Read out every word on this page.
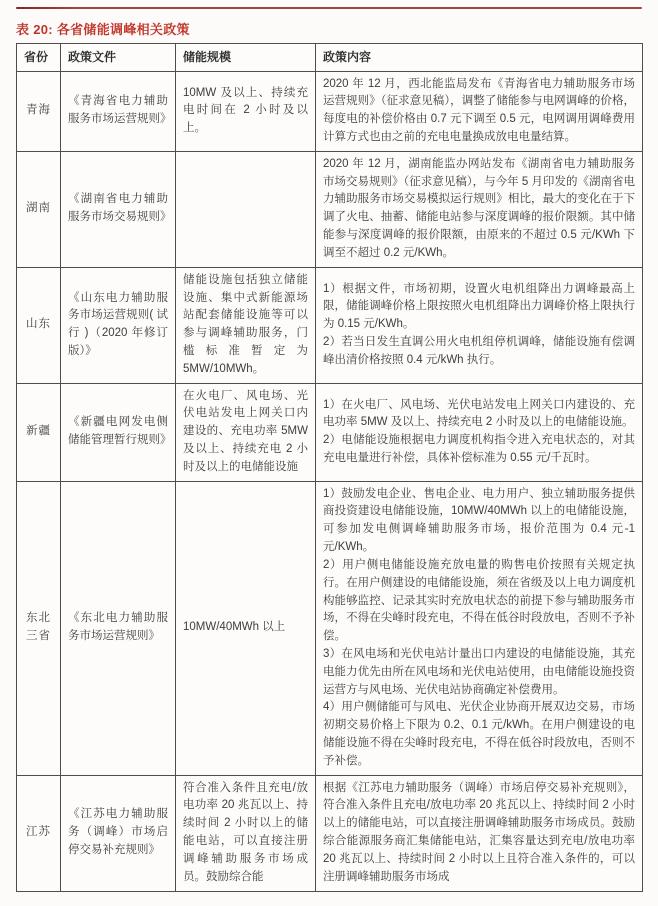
表 20: 各省储能调峰相关政策
省份	政策文件	储能规模	政策内容
青海	《青海省电力辅助服务市场运营规则》	10MW 及以上、持续充电时间在 2 小时及以上。	2020 年 12 月，西北能监局发布《青海省电力辅助服务市场运营规则》（征求意见稿），调整了储能参与电网调峰的价格，每度电的补偿价格由 0.7 元下调至 0.5 元，电网调用调峰费用计算方式也由之前的充电电量换成放电电量结算。

湖南	《湖南省电力辅助服务市场交易规则》		2020 年 12 月，湖南能监办网站发布《湖南省电力辅助服务市场交易规则》（征求意见稿），与今年 5 月印发的《湖南省电力辅助服务市场交易模拟运行规则》相比，最大的变化在于下调了火电、抽蓄、储能电站参与深度调峰的报价限额。其中储能参与深度调峰的报价限额，由原来的不超过 0.5 元/KWh 下调至不超过 0.2 元/KWh。

山东	《山东电力辅助服务市场运营规则( 试行 )（2020 年修订版）》	储能设施包括独立储能设施、集中式新能源场站配套储能设施等可以参与调峰辅助服务，门槛标准暂定为 5MW/10MWh。	1）根据文件，市场初期，设置火电机组降出力调峰最高上限，储能调峰价格上限按照火电机组降出力调峰价格上限执行为 0.15 元/KWh。
2）若当日发生直调公用火电机组停机调峰，储能设施有偿调峰出清价格按照 0.4 元/kWh 执行。

新疆	《新疆电网发电侧储能管理暂行规则》	在火电厂、风电场、光伏电站发电上网关口内建设的、充电功率 5MW 及以上、持续充电 2 小时及以上的电储能设施	1）在火电厂、风电场、光伏电站发电上网关口内建设的、充电功率 5MW 及以上、持续充电 2 小时及以上的电储能设施。
2）电储能设施根据电力调度机构指令进入充电状态的，对其充电电量进行补偿，具体补偿标准为 0.55 元/千瓦时。

东北三省	《东北电力辅助服务市场运营规则》	10MW/40MWh 以上	1）鼓励发电企业、售电企业、电力用户、独立辅助服务提供商投资建设电储能设施，10MW/40MWh 以上的电储能设施，可参加发电侧调峰辅助服务市场，报价范围为 0.4 元-1 元/KWh。
2）用户侧电储能设施充放电量的购售电价按照有关规定执行。在用户侧建设的电储能设施，须在省级及以上电力调度机构能够监控、记录其实时充放电状态的前提下参与辅助服务市场，不得在尖峰时段充电，不得在低谷时段放电，否则不予补偿。
3）在风电场和光伏电站计量出口内建设的电储能设施，其充电能力优先由所在风电场和光伏电站使用，由电储能设施投资运营方与风电场、光伏电站协商确定补偿费用。
4）用户侧储能可与风电、光伏企业协商开展双边交易，市场初期交易价格上下限为 0.2、0.1 元/kWh。在用户侧建设的电储能设施不得在尖峰时段充电，不得在低谷时段放电，否则不予补偿。

江苏	《江苏电力辅助服务（调峰）市场启停交易补充规则》	符合准入条件且充电/放电功率 20 兆瓦以上、持续时间 2 小时以上的储能电站，可以直接注册调峰辅助服务市场成员。鼓励综合能	根据《江苏电力辅助服务（调峰）市场启停交易补充规则》，符合准入条件且充电/放电功率 20 兆瓦以上、持续时间 2 小时以上的储能电站，可以直接注册调峰辅助服务市场成员。鼓励综合能源服务商汇集储能电站，汇集容量达到充电/放电功率 20 兆瓦以上、持续时间 2 小时以上且符合准入条件的，可以注册调峰辅助服务市场成
